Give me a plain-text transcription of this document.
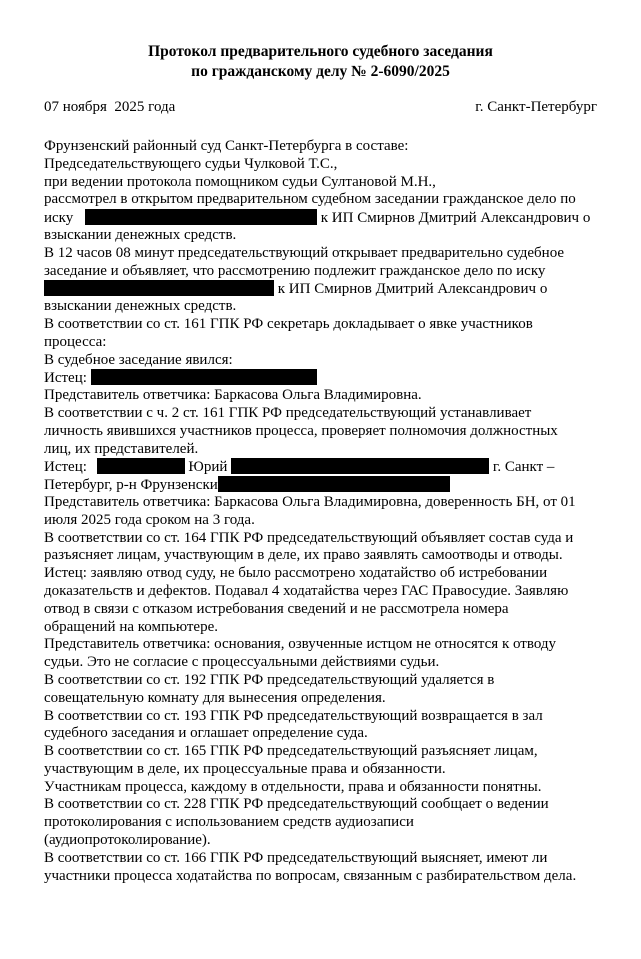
Протокол предварительного судебного заседания
по гражданскому делу № 2-6090/2025
07 ноября  2025 года	г. Санкт-Петербург
Фрунзенский районный суд Санкт-Петербурга в составе:
Председательствующего судьи Чулковой Т.С.,
при ведении протокола помощником судьи Султановой М.Н.,
рассмотрел в открытом предварительном судебном заседании гражданское дело по
иску	к ИП Смирнов Дмитрий Александрович о
взыскании денежных средств.
В 12 часов 08 минут председательствующий открывает предварительно судебное
заседание и объявляет, что рассмотрению подлежит гражданское дело по иску
к ИП Смирнов Дмитрий Александрович о
взыскании денежных средств.
В соответствии со ст. 161 ГПК РФ секретарь докладывает о явке участников
процесса:
В судебное заседание явился:
Истец:
Представитель ответчика: Баркасова Ольга Владимировна.
В соответствии с ч. 2 ст. 161 ГПК РФ председательствующий устанавливает
личность явившихся участников процесса, проверяет полномочия должностных
лиц, их представителей.
Истец:	Юрий	г. Санкт –
Петербург, р-н Фрунзенски
Представитель ответчика: Баркасова Ольга Владимировна, доверенность БН, от 01
июля 2025 года сроком на 3 года.
В соответствии со ст. 164 ГПК РФ председательствующий объявляет состав суда и
разъясняет лицам, участвующим в деле, их право заявлять самоотводы и отводы.
Истец: заявляю отвод суду, не было рассмотрено ходатайство об истребовании
доказательств и дефектов. Подавал 4 ходатайства через ГАС Правосудие. Заявляю
отвод в связи с отказом истребования сведений и не рассмотрела номера
обращений на компьютере.
Представитель ответчика: основания, озвученные истцом не относятся к отводу
судьи. Это не согласие с процессуальными действиями судьи.
В соответствии со ст. 192 ГПК РФ председательствующий удаляется в
совещательную комнату для вынесения определения.
В соответствии со ст. 193 ГПК РФ председательствующий возвращается в зал
судебного заседания и оглашает определение суда.
В соответствии со ст. 165 ГПК РФ председательствующий разъясняет лицам,
участвующим в деле, их процессуальные права и обязанности.
Участникам процесса, каждому в отдельности, права и обязанности понятны.
В соответствии со ст. 228 ГПК РФ председательствующий сообщает о ведении
протоколирования с использованием средств аудиозаписи
(аудиопротоколирование).
В соответствии со ст. 166 ГПК РФ председательствующий выясняет, имеют ли
участники процесса ходатайства по вопросам, связанным с разбирательством дела.
